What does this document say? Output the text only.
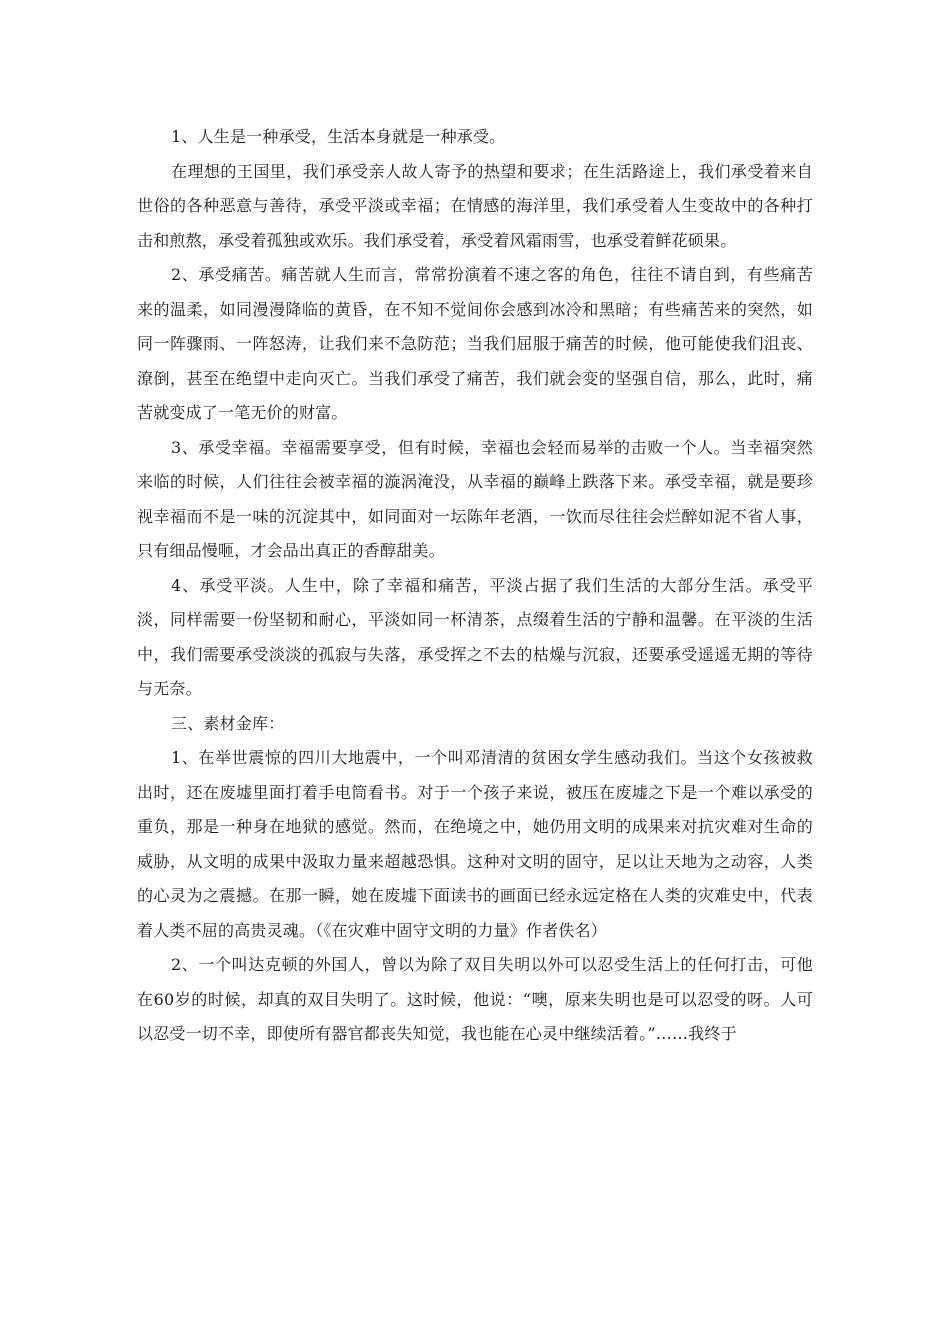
1、人生是一种承受，生活本身就是一种承受。

在理想的王国里，我们承受亲人故人寄予的热望和要求；在生活路途上，我们承受着来自世俗的各种恶意与善待，承受平淡或幸福；在情感的海洋里，我们承受着人生变故中的各种打击和煎熬，承受着孤独或欢乐。我们承受着，承受着风霜雨雪，也承受着鲜花硕果。

2、承受痛苦。痛苦就人生而言，常常扮演着不速之客的角色，往往不请自到，有些痛苦来的温柔，如同漫漫降临的黄昏，在不知不觉间你会感到冰冷和黑暗；有些痛苦来的突然，如同一阵骤雨、一阵怒涛，让我们来不急防范；当我们屈服于痛苦的时候，他可能使我们沮丧、潦倒，甚至在绝望中走向灭亡。当我们承受了痛苦，我们就会变的坚强自信，那么，此时，痛苦就变成了一笔无价的财富。

3、承受幸福。幸福需要享受，但有时候，幸福也会轻而易举的击败一个人。当幸福突然来临的时候，人们往往会被幸福的漩涡淹没，从幸福的巅峰上跌落下来。承受幸福，就是要珍视幸福而不是一味的沉淀其中，如同面对一坛陈年老酒，一饮而尽往往会烂醉如泥不省人事，只有细品慢咂，才会品出真正的香醇甜美。

4、承受平淡。人生中，除了幸福和痛苦，平淡占据了我们生活的大部分生活。承受平淡，同样需要一份坚韧和耐心，平淡如同一杯清茶，点缀着生活的宁静和温馨。在平淡的生活中，我们需要承受淡淡的孤寂与失落，承受挥之不去的枯燥与沉寂，还要承受遥遥无期的等待与无奈。

三、素材金库：

1、在举世震惊的四川大地震中，一个叫邓清清的贫困女学生感动我们。当这个女孩被救出时，还在废墟里面打着手电筒看书。对于一个孩子来说，被压在废墟之下是一个难以承受的重负，那是一种身在地狱的感觉。然而，在绝境之中，她仍用文明的成果来对抗灾难对生命的威胁，从文明的成果中汲取力量来超越恐惧。这种对文明的固守，足以让天地为之动容，人类的心灵为之震撼。在那一瞬，她在废墟下面读书的画面已经永远定格在人类的灾难史中，代表着人类不屈的高贵灵魂。（《在灾难中固守文明的力量》作者佚名）

2、一个叫达克顿的外国人，曾以为除了双目失明以外可以忍受生活上的任何打击，可他在60岁的时候，却真的双目失明了。这时候，他说：“噢，原来失明也是可以忍受的呀。人可以忍受一切不幸，即使所有器官都丧失知觉，我也能在心灵中继续活着。”……我终于
